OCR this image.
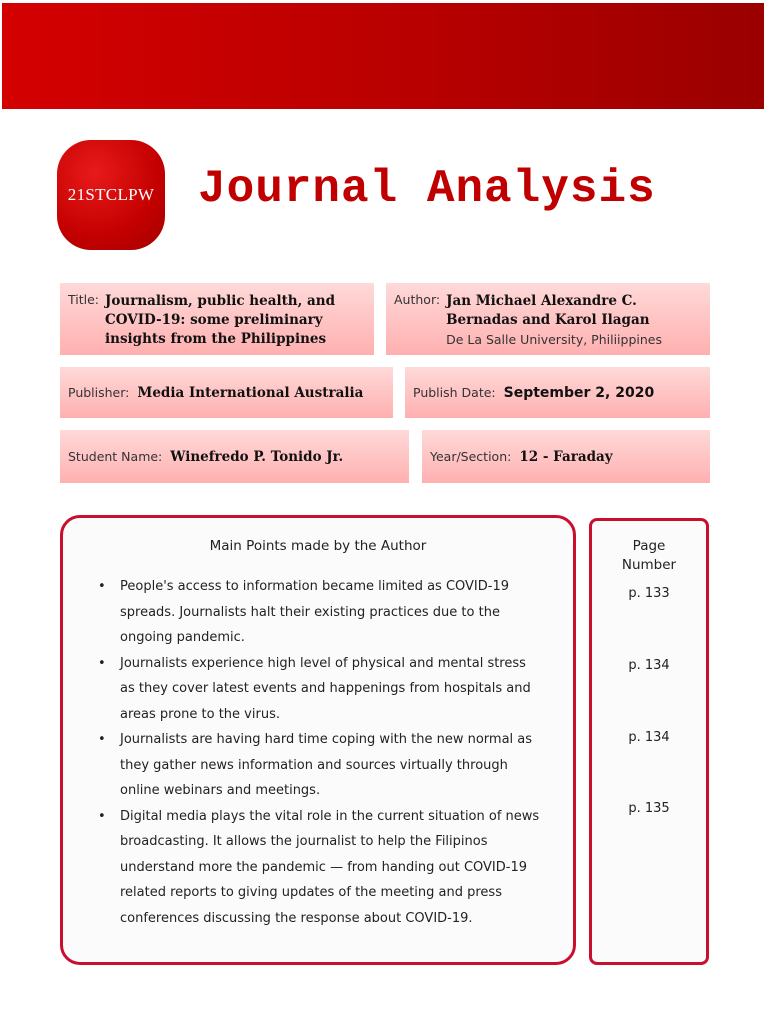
21STCLPW Journal Analysis
Title: Journalism, public health, and
COVID-19: some preliminary
insights from the Philippines
Author: Jan Michael Alexandre C.
Bernadas and Karol Ilagan
De La Salle University, Philiippines
Publisher: Media International Australia	Publish Date: September 2, 2020
Student Name: Winefredo P. Tonido Jr.	Year/Section: 12 - Faraday
Main Points made by the Author
• People's access to information became limited as COVID-19
spreads. Journalists halt their existing practices due to the
ongoing pandemic.
• Journalists experience high level of physical and mental stress
as they cover latest events and happenings from hospitals and
areas prone to the virus.
• Journalists are having hard time coping with the new normal as
they gather news information and sources virtually through
online webinars and meetings.
• Digital media plays the vital role in the current situation of news
broadcasting. It allows the journalist to help the Filipinos
understand more the pandemic — from handing out COVID-19
related reports to giving updates of the meeting and press
conferences discussing the response about COVID-19.
Page
Number
p. 133
p. 134
p. 134
p. 135
